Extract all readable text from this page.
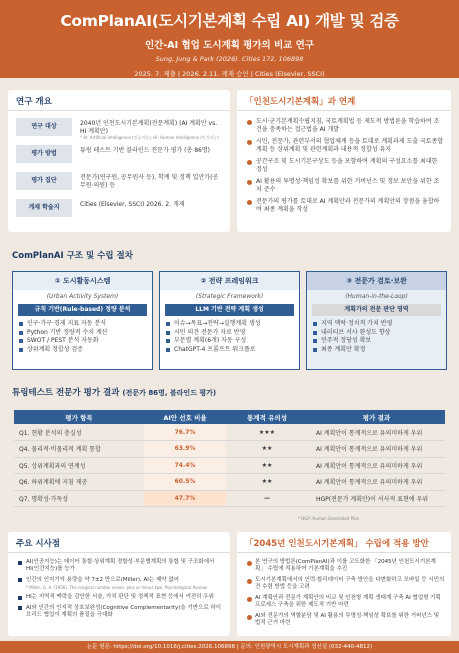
ComPlanAI(도시기본계획 수립 AI) 개발 및 검증
인간-AI 협업 도시계획 평가의 비교 연구
Sung, Jung & Park (2026). Cities 172, 106898
2025. 7. 제출 | 2026. 2.11. 게재 승인 | Cities (Elsevier, SSCI)
연구 개요
연구 대상	2040년 인천도시기본계획(전문계획) (AI 계획안 vs. HI 계획안)
* AI: Artificial Intelligence (인공지능), HI: Human Intelligence (인간지능)
평가 방법	튜링 테스트 기반 블라인드 전문가 평가 (총 86명)
평가 집단	전문가(연구원, 공무원사 등), 학계 및 정책 입안가(공무원·의원) 등
게재 학술지	Cities (Elsevier, SSCI) 2026. 2. 게재
「인천도시기본계획」과 연계
도시·군기본계획수립지침, 국토계획법 등 제도적 방법론을 학습하여 조건을 충족하는 접근법을 AI 개발
시민, 전문가, 관련부서의 협업체계 등을 토대로 계획과제 도출 국토종합계획 등 상위계획 및 관련계획과 내용적 정합성 유지
공간구조 및 도시기본구상도 등을 포함하여 계획의 구성요소를 최대한 정성
AI 활용의 투명성·책임성 확보를 위한 거버넌스 및 정보 보안을 위한 조치 준수
전문가의 평가를 토대로 AI 계획안과 전문가의 계획안의 장점을 융합하여 최종 계획을 작성
ComPlanAI 구조 및 수립 절차
① 도시활동시스템
(Urban Activity System)
규칙 기반(Rule-based) 정량 분석
인구·가구·경제 지표 자동 분석
Python 기반 정량적 수치 계산
SWOT / PEST 분석 자동화
상위계획 정합성 검증
② 전략 프레임워크
(Strategic Framework)
LLM 기반 전략 계획 생성
이슈→목표→전략→실행계획 생성
시민 의견 전문가 자료 반영
부문별 계획(6개) 자동 구성
ChatGPT-4 프롬프트 워크플로
③ 전문가 검토·보완
(Human-in-the-Loop)
계획가의 전문 판단 영역
지역 맥락·정치적 가치 반영
내러티브 서사 완성도 향상
민주적 정당성 확보
최종 계획안 확정
튜링테스트 전문가 평가 결과 (전문가 86명, 블라인드 평가)
평가 항목	AI안 선호 비율	통계적 유의성	평가 결과
Q1. 현황 분석의 충실성	76.7%	★★★	AI 계획안이 통계적으로 유의미하게 우위
Q4. 물리적·비물리적 계획 통합	63.9%	★★	AI 계획안이 통계적으로 유의미하게 우위
Q5. 상위계획과의 연계성	74.4%	★★	AI 계획안이 통계적으로 유의미하게 우위
Q6. 하위계획에 지침 제공	60.5%	★★	AI 계획안이 통계적으로 유의미하게 우위
Q7. 명확성·가독성	47.7%	—	HGP(전문가 계획안)이 서사적 표현에 우위
* HGP: Human Generated Plan
주요 시사점
AI(인공지능)는 데이터 통합·상위계획 정합성·부문별계획의 통합 및 구조화에서 HI(인간지능)를 능가
인간의 인지기억 용량을 약 7±2 만으로(Miller), AI는 제약 없어
* Miller, G. A. (1956). The magical number seven, plus or minus two. Psychological Review
HI는 지역적 맥락을 감안한 서술, 가치 판단 및 정책적 표현 등에서 여전히 우위
AI와 인간의 인지적 상호보완성(Cognitive Complementarity)을 기반으로 하이브리드 협업이 계획의 품질을 극대화
「2045년 인천도시기본계획」 수립에 적용 방안
본 연구의 방법론(ComPlanAI)과 이를 고도화한 「2045년 인천도시기본계획」 수립에 적용하여 기본계획을 추진
도시기본계획에서의 인력·합리데이터 구축 방안을 다변화하고 모바일 등 시민의견 수렴 방법 등을 고려
AI 계획안과 전문가 계획안의 비교 및 인천형 계획 생태계 구축 AI 협업형 기획 프로세스 구축을 위한 제도적 기반 마련
AI와 전문가의 역할분담 및 AI 활용의 투명성·책임성 확보를 위한 거버넌스 및 법적 근거 마련
논문 원문: https://doi.org/10.1016/j.cities.2026.106898 | 문의: 인천광역시 도시계획과 성신실 (032-440-4812)
